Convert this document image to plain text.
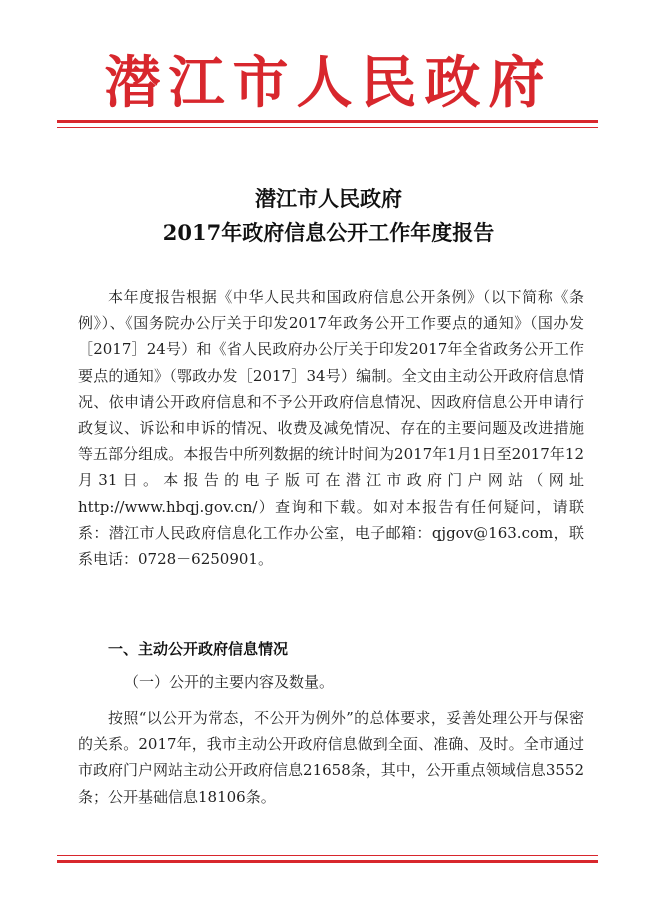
潜江市人民政府
潜江市人民政府
2017年政府信息公开工作年度报告
本年度报告根据《中华人民共和国政府信息公开条例》（以下简称《条例》）、《国务院办公厅关于印发2017年政务公开工作要点的通知》（国办发［2017］24号）和《省人民政府办公厅关于印发2017年全省政务公开工作要点的通知》（鄂政办发［2017］34号）编制。全文由主动公开政府信息情况、依申请公开政府信息和不予公开政府信息情况、因政府信息公开申请行政复议、诉讼和申诉的情况、收费及减免情况、存在的主要问题及改进措施等五部分组成。本报告中所列数据的统计时间为2017年1月1日至2017年12月31日。本报告的电子版可在潜江市政府门户网站（网址http://www.hbqj.gov.cn/）查询和下载。如对本报告有任何疑问，请联系：潜江市人民政府信息化工作办公室，电子邮箱：qjgov@163.com，联系电话：0728－6250901。
一、主动公开政府信息情况
（一）公开的主要内容及数量。
按照“以公开为常态，不公开为例外”的总体要求，妥善处理公开与保密的关系。2017年，我市主动公开政府信息做到全面、准确、及时。全市通过市政府门户网站主动公开政府信息21658条，其中，公开重点领域信息3552条；公开基础信息18106条。
